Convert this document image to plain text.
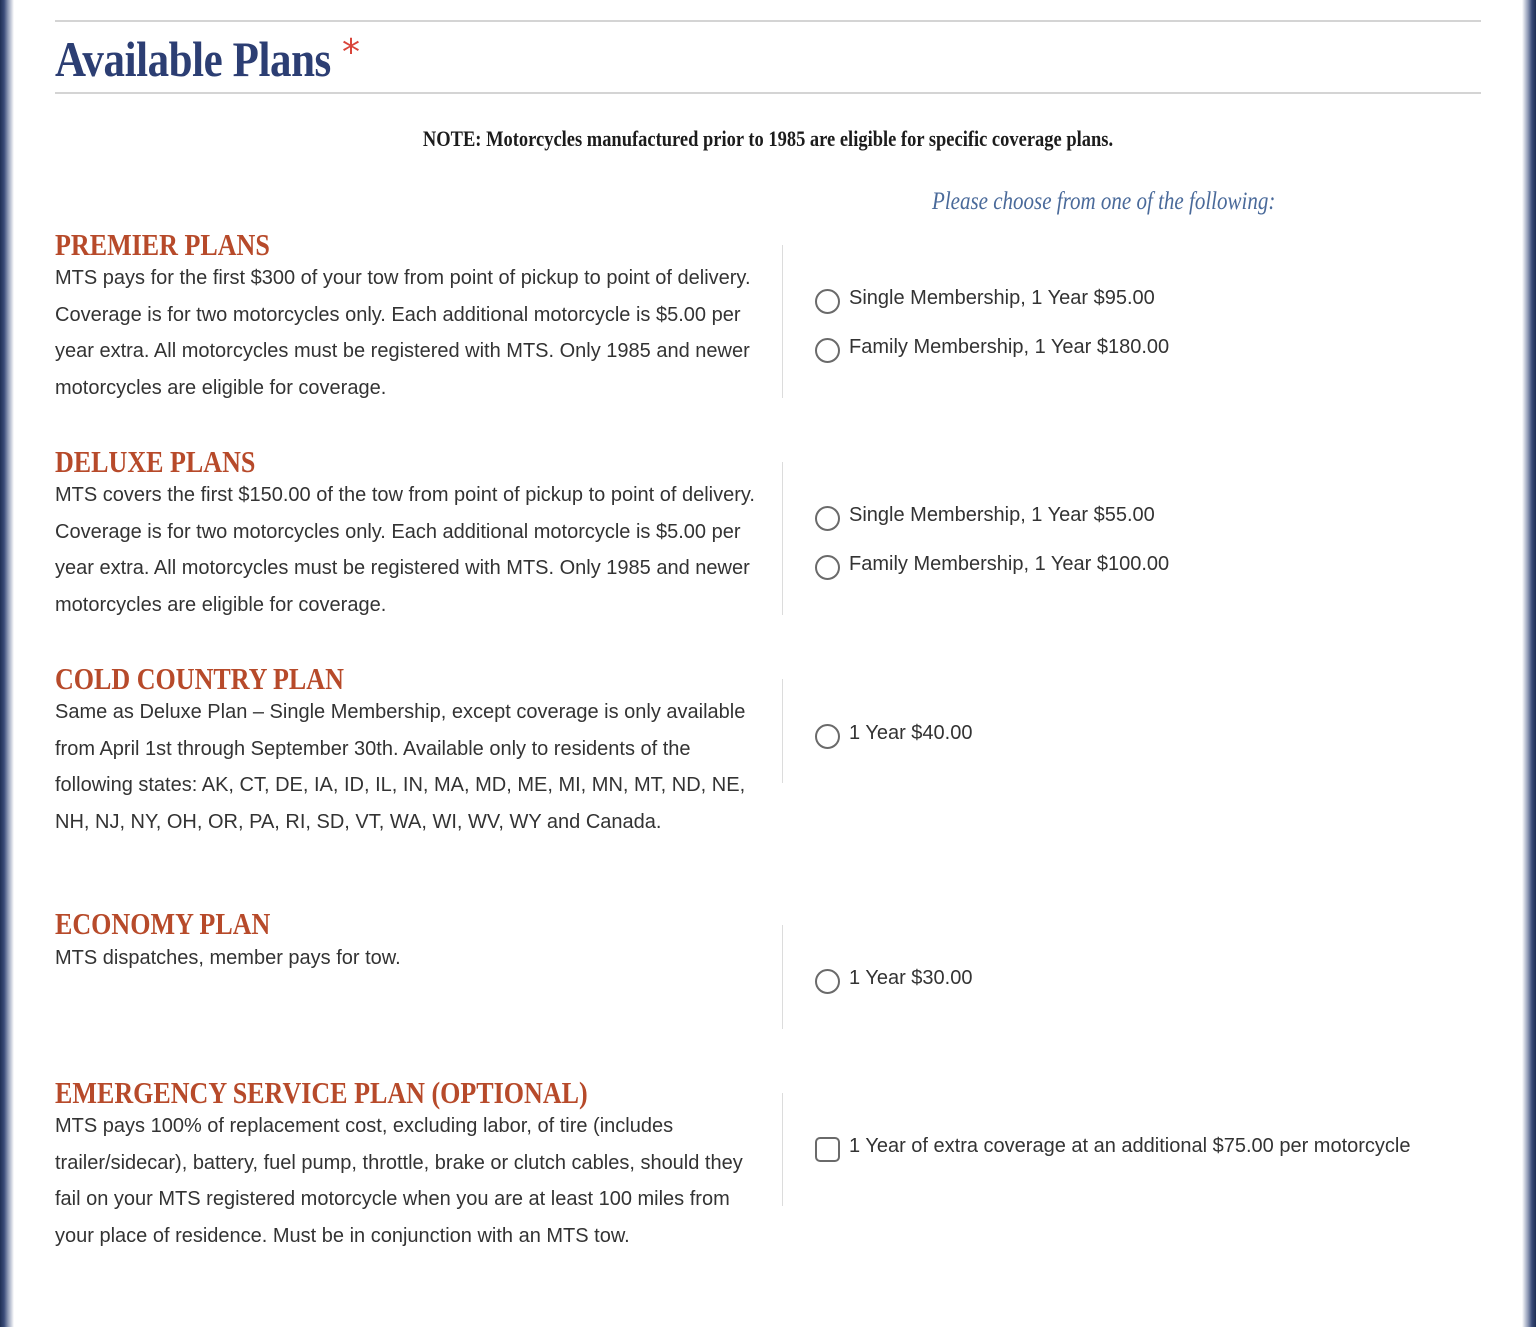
Available Plans *
NOTE: Motorcycles manufactured prior to 1985 are eligible for specific coverage plans.
Please choose from one of the following:
PREMIER PLANS
MTS pays for the first $300 of your tow from point of pickup to point of delivery. Coverage is for two motorcycles only. Each additional motorcycle is $5.00 per year extra. All motorcycles must be registered with MTS. Only 1985 and newer motorcycles are eligible for coverage.
Single Membership, 1 Year $95.00
Family Membership, 1 Year $180.00
DELUXE PLANS
MTS covers the first $150.00 of the tow from point of pickup to point of delivery. Coverage is for two motorcycles only. Each additional motorcycle is $5.00 per year extra. All motorcycles must be registered with MTS. Only 1985 and newer motorcycles are eligible for coverage.
Single Membership, 1 Year $55.00
Family Membership, 1 Year $100.00
COLD COUNTRY PLAN
Same as Deluxe Plan – Single Membership, except coverage is only available from April 1st through September 30th. Available only to residents of the following states: AK, CT, DE, IA, ID, IL, IN, MA, MD, ME, MI, MN, MT, ND, NE, NH, NJ, NY, OH, OR, PA, RI, SD, VT, WA, WI, WV, WY and Canada.
1 Year $40.00
ECONOMY PLAN
MTS dispatches, member pays for tow.
1 Year $30.00
EMERGENCY SERVICE PLAN (OPTIONAL)
MTS pays 100% of replacement cost, excluding labor, of tire (includes trailer/sidecar), battery, fuel pump, throttle, brake or clutch cables, should they fail on your MTS registered motorcycle when you are at least 100 miles from your place of residence. Must be in conjunction with an MTS tow.
1 Year of extra coverage at an additional $75.00 per motorcycle
